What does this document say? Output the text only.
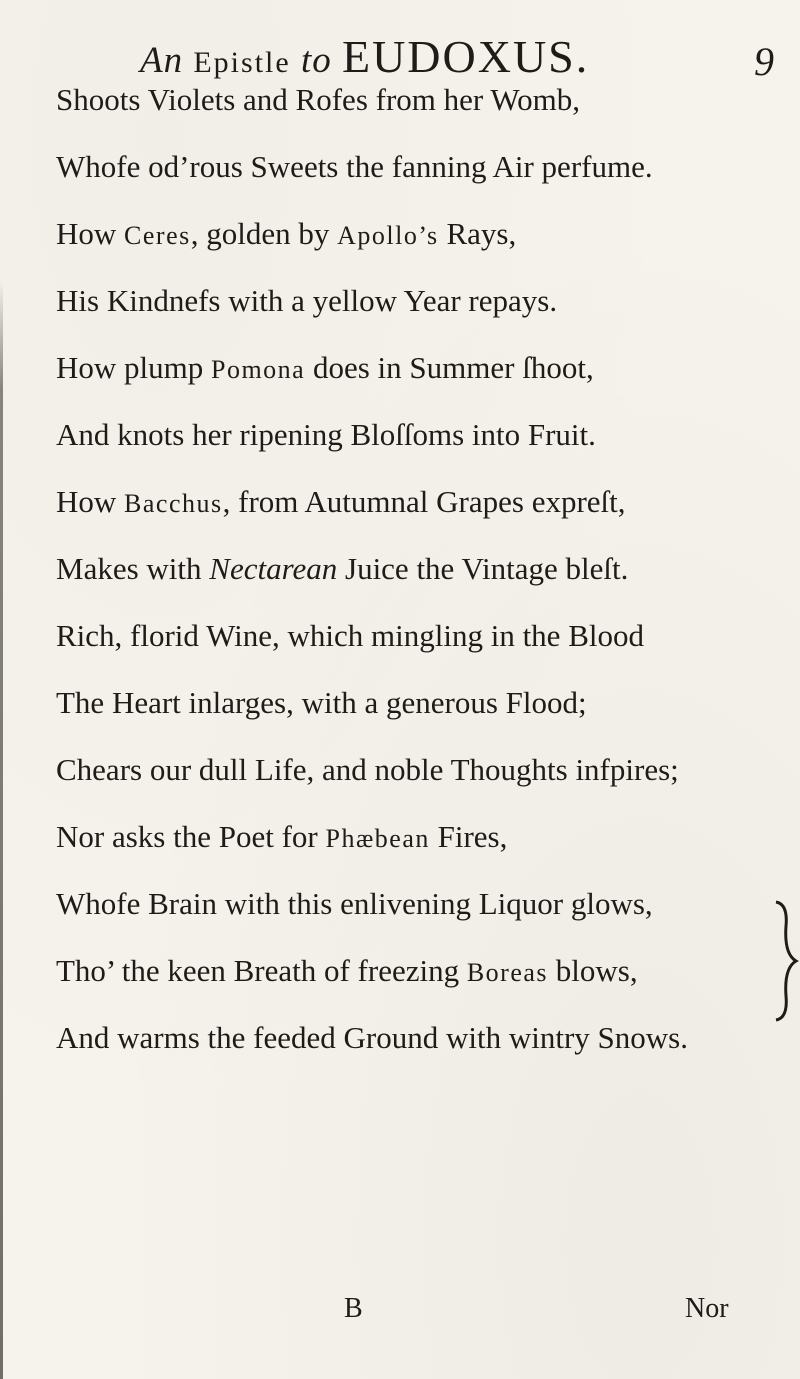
An Epistle to EUDOXUS.	9
Shoots Violets and Rofes from her Womb,
Whofe od’rous Sweets the fanning Air perfume.
How Ceres, golden by Apollo’s Rays,
His Kindnefs with a yellow Year repays.
How plump Pomona does in Summer ſhoot,
And knots her ripening Bloſſoms into Fruit.
How Bacchus, from Autumnal Grapes expreſt,
Makes with Nectarean Juice the Vintage bleſt.
Rich, florid Wine, which mingling in the Blood
The Heart inlarges, with a generous Flood;
Chears our dull Life, and noble Thoughts infpires;
Nor asks the Poet for Phæbean Fires,
Whofe Brain with this enlivening Liquor glows,
Tho’ the keen Breath of freezing Boreas blows,
And warms the feeded Ground with wintry Snows.
B	Nor
